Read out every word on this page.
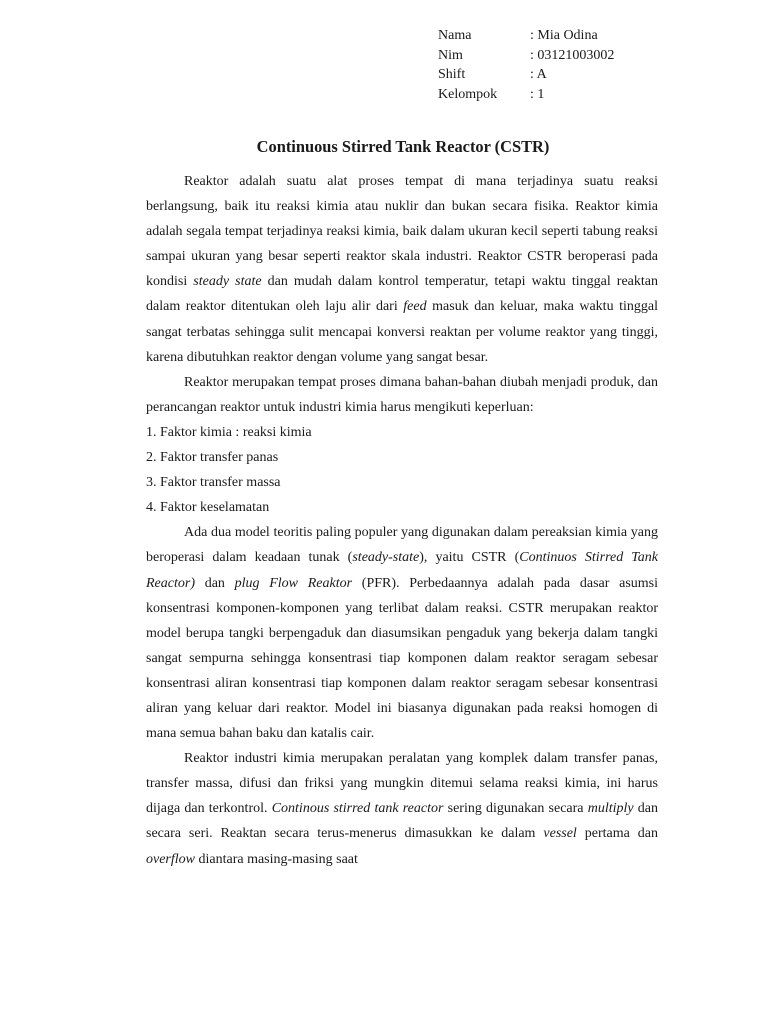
Nama	: Mia Odina
Nim	: 03121003002
Shift	: A
Kelompok	: 1
Continuous Stirred Tank Reactor (CSTR)

Reaktor adalah suatu alat proses tempat di mana terjadinya suatu reaksi berlangsung, baik itu reaksi kimia atau nuklir dan bukan secara fisika. Reaktor kimia adalah segala tempat terjadinya reaksi kimia, baik dalam ukuran kecil seperti tabung reaksi sampai ukuran yang besar seperti reaktor skala industri. Reaktor CSTR beroperasi pada kondisi steady state dan mudah dalam kontrol temperatur, tetapi waktu tinggal reaktan dalam reaktor ditentukan oleh laju alir dari feed masuk dan keluar, maka waktu tinggal sangat terbatas sehingga sulit mencapai konversi reaktan per volume reaktor yang tinggi, karena dibutuhkan reaktor dengan volume yang sangat besar.

Reaktor merupakan tempat proses dimana bahan-bahan diubah menjadi produk, dan perancangan reaktor untuk industri kimia harus mengikuti keperluan:

1. Faktor kimia : reaksi kimia
2. Faktor transfer panas
3. Faktor transfer massa
4. Faktor keselamatan

Ada dua model teoritis paling populer yang digunakan dalam pereaksian kimia yang beroperasi dalam keadaan tunak (steady-state), yaitu CSTR (Continuos Stirred Tank Reactor) dan plug Flow Reaktor (PFR). Perbedaannya adalah pada dasar asumsi konsentrasi komponen-komponen yang terlibat dalam reaksi. CSTR merupakan reaktor model berupa tangki berpengaduk dan diasumsikan pengaduk yang bekerja dalam tangki sangat sempurna sehingga konsentrasi tiap komponen dalam reaktor seragam sebesar konsentrasi aliran konsentrasi tiap komponen dalam reaktor seragam sebesar konsentrasi aliran yang keluar dari reaktor. Model ini biasanya digunakan pada reaksi homogen di mana semua bahan baku dan katalis cair.

Reaktor industri kimia merupakan peralatan yang komplek dalam transfer panas, transfer massa, difusi dan friksi yang mungkin ditemui selama reaksi kimia, ini harus dijaga dan terkontrol. Continous stirred tank reactor sering digunakan secara multiply dan secara seri. Reaktan secara terus-menerus dimasukkan ke dalam vessel pertama dan overflow diantara masing-masing saat
